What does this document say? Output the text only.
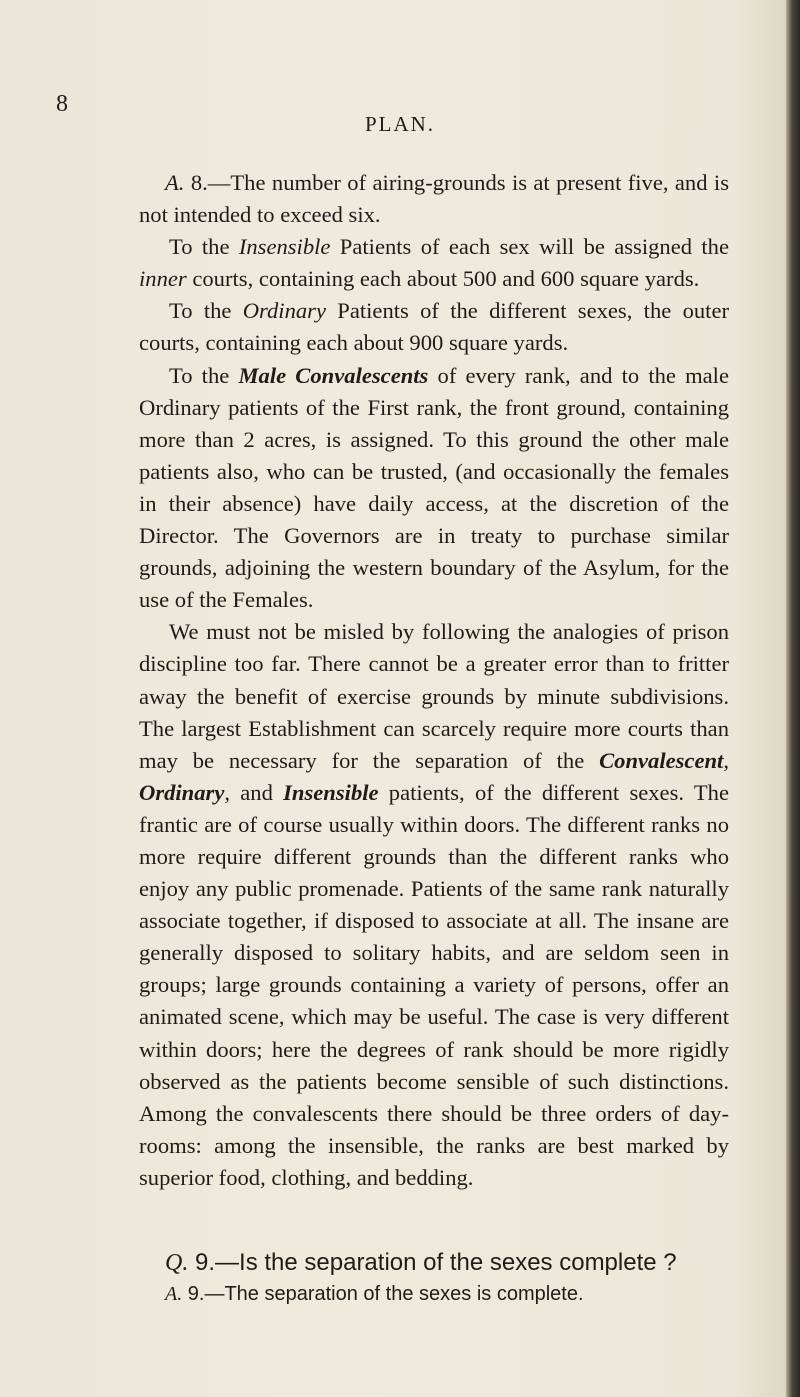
8
PLAN.

A. 8.—The number of airing-grounds is at present five, and is not intended to exceed six.

To the Insensible Patients of each sex will be assigned the inner courts, containing each about 500 and 600 square yards.

To the Ordinary Patients of the different sexes, the outer courts, containing each about 900 square yards.

To the Male Convalescents of every rank, and to the male Ordinary patients of the First rank, the front ground, containing more than 2 acres, is assigned. To this ground the other male patients also, who can be trusted, (and occasionally the females in their absence) have daily access, at the discretion of the Director. The Governors are in treaty to purchase similar grounds, adjoining the western boundary of the Asylum, for the use of the Females.

We must not be misled by following the analogies of prison discipline too far. There cannot be a greater error than to fritter away the benefit of exercise grounds by minute subdivisions. The largest Establishment can scarcely require more courts than may be necessary for the separation of the Convalescent, Ordinary, and Insensible patients, of the different sexes. The frantic are of course usually within doors. The different ranks no more require different grounds than the different ranks who enjoy any public promenade. Patients of the same rank naturally associate together, if disposed to associate at all. The insane are generally disposed to solitary habits, and are seldom seen in groups; large grounds containing a variety of persons, offer an animated scene, which may be useful. The case is very different within doors; here the degrees of rank should be more rigidly observed as the patients become sensible of such distinctions. Among the convalescents there should be three orders of day-rooms: among the insensible, the ranks are best marked by superior food, clothing, and bedding.

Q. 9.—Is the separation of the sexes complete ?
A. 9.—The separation of the sexes is complete.
